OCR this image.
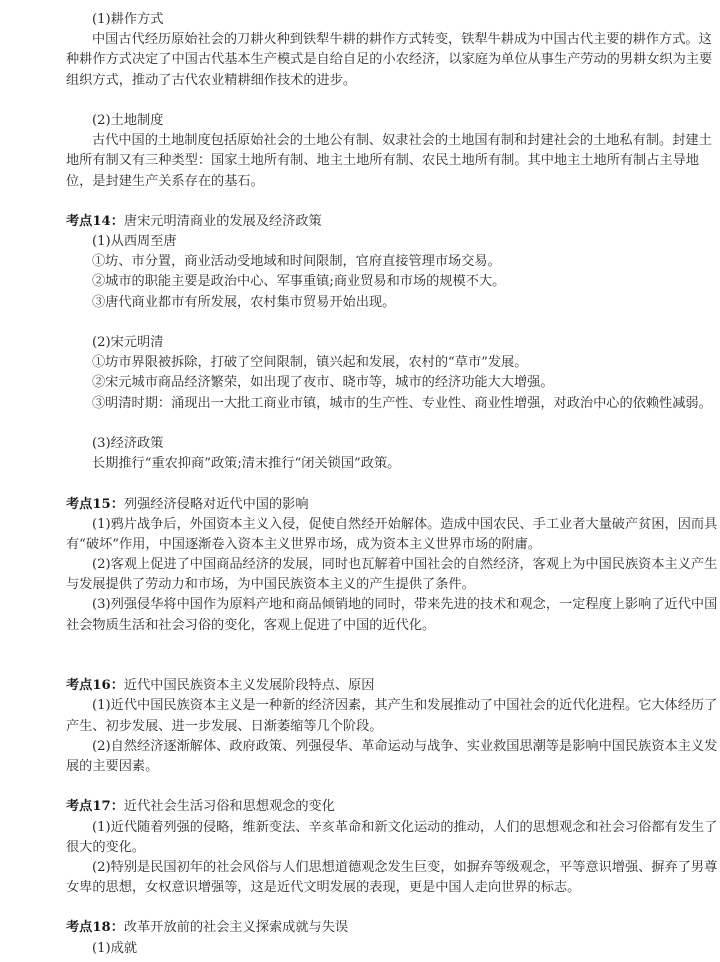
(1)耕作方式
中国古代经历原始社会的刀耕火种到铁犁牛耕的耕作方式转变，铁犁牛耕成为中国古代主要的耕作方式。这
种耕作方式决定了中国古代基本生产模式是自给自足的小农经济，以家庭为单位从事生产劳动的男耕女织为主要
组织方式，推动了古代农业精耕细作技术的进步。
(2)土地制度
古代中国的土地制度包括原始社会的土地公有制、奴隶社会的土地国有制和封建社会的土地私有制。封建土
地所有制又有三种类型：国家土地所有制、地主土地所有制、农民土地所有制。其中地主土地所有制占主导地
位，是封建生产关系存在的基石。
考点14：唐宋元明清商业的发展及经济政策
(1)从西周至唐
①坊、市分置，商业活动受地域和时间限制，官府直接管理市场交易。
②城市的职能主要是政治中心、军事重镇;商业贸易和市场的规模不大。
③唐代商业都市有所发展，农村集市贸易开始出现。
(2)宋元明清
①坊市界限被拆除，打破了空间限制，镇兴起和发展，农村的“草市”发展。
②宋元城市商品经济繁荣，如出现了夜市、晓市等，城市的经济功能大大增强。
③明清时期：涌现出一大批工商业市镇，城市的生产性、专业性、商业性增强，对政治中心的依赖性减弱。
(3)经济政策
长期推行“重农抑商”政策;清末推行“闭关锁国”政策。
考点15：列强经济侵略对近代中国的影响
(1)鸦片战争后，外国资本主义入侵，促使自然经开始解体。造成中国农民、手工业者大量破产贫困，因而具
有“破坏”作用，中国逐渐卷入资本主义世界市场，成为资本主义世界市场的附庸。
(2)客观上促进了中国商品经济的发展，同时也瓦解着中国社会的自然经济，客观上为中国民族资本主义产生
与发展提供了劳动力和市场，为中国民族资本主义的产生提供了条件。
(3)列强侵华将中国作为原料产地和商品倾销地的同时，带来先进的技术和观念，一定程度上影响了近代中国
社会物质生活和社会习俗的变化，客观上促进了中国的近代化。
考点16：近代中国民族资本主义发展阶段特点、原因
(1)近代中国民族资本主义是一种新的经济因素，其产生和发展推动了中国社会的近代化进程。它大体经历了
产生、初步发展、进一步发展、日渐萎缩等几个阶段。
(2)自然经济逐渐解体、政府政策、列强侵华、革命运动与战争、实业救国思潮等是影响中国民族资本主义发
展的主要因素。
考点17：近代社会生活习俗和思想观念的变化
(1)近代随着列强的侵略，维新变法、辛亥革命和新文化运动的推动，人们的思想观念和社会习俗都有发生了
很大的变化。
(2)特别是民国初年的社会风俗与人们思想道德观念发生巨变，如摒弃等级观念，平等意识增强、摒弃了男尊
女卑的思想，女权意识增强等，这是近代文明发展的表现，更是中国人走向世界的标志。
考点18：改革开放前的社会主义探索成就与失误
(1)成就
